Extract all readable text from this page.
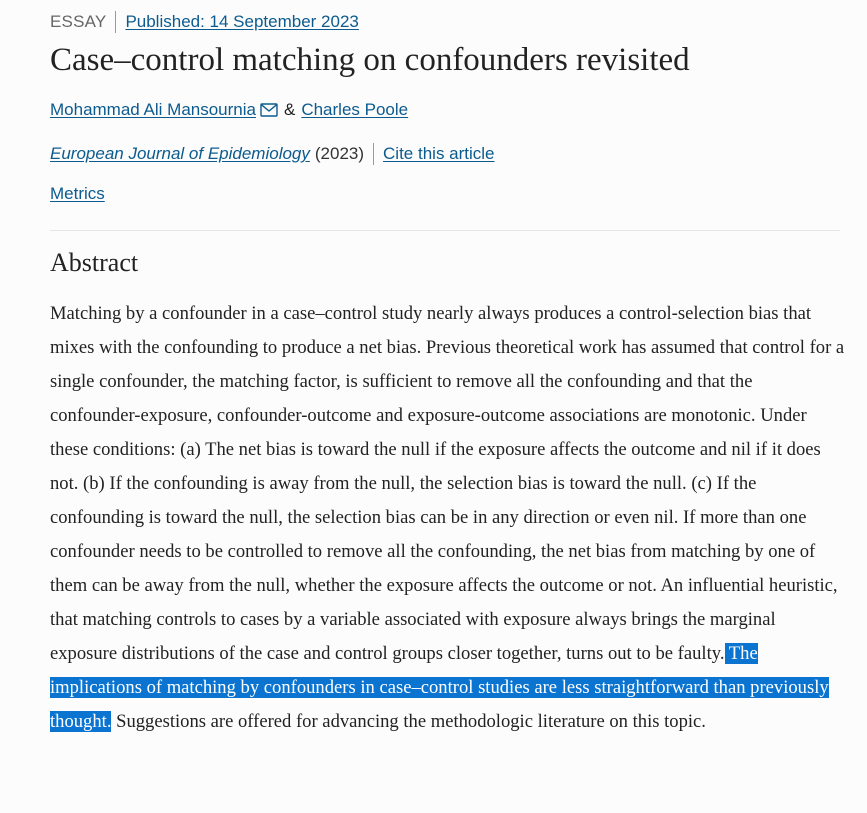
ESSAY Published: 14 September 2023
Case–control matching on confounders revisited
Mohammad Ali Mansournia & Charles Poole
European Journal of Epidemiology (2023) Cite this article
Metrics
Abstract

Matching by a confounder in a case–control study nearly always produces a control-selection bias that mixes with the confounding to produce a net bias. Previous theoretical work has assumed that control for a single confounder, the matching factor, is sufficient to remove all the confounding and that the confounder-exposure, confounder-outcome and exposure-outcome associations are monotonic. Under these conditions: (a) The net bias is toward the null if the exposure affects the outcome and nil if it does not. (b) If the confounding is away from the null, the selection bias is toward the null. (c) If the confounding is toward the null, the selection bias can be in any direction or even nil. If more than one confounder needs to be controlled to remove all the confounding, the net bias from matching by one of them can be away from the null, whether the exposure affects the outcome or not. An influential heuristic, that matching controls to cases by a variable associated with exposure always brings the marginal exposure distributions of the case and control groups closer together, turns out to be faulty. The implications of matching by confounders in case–control studies are less straightforward than previously thought. Suggestions are offered for advancing the methodologic literature on this topic.
